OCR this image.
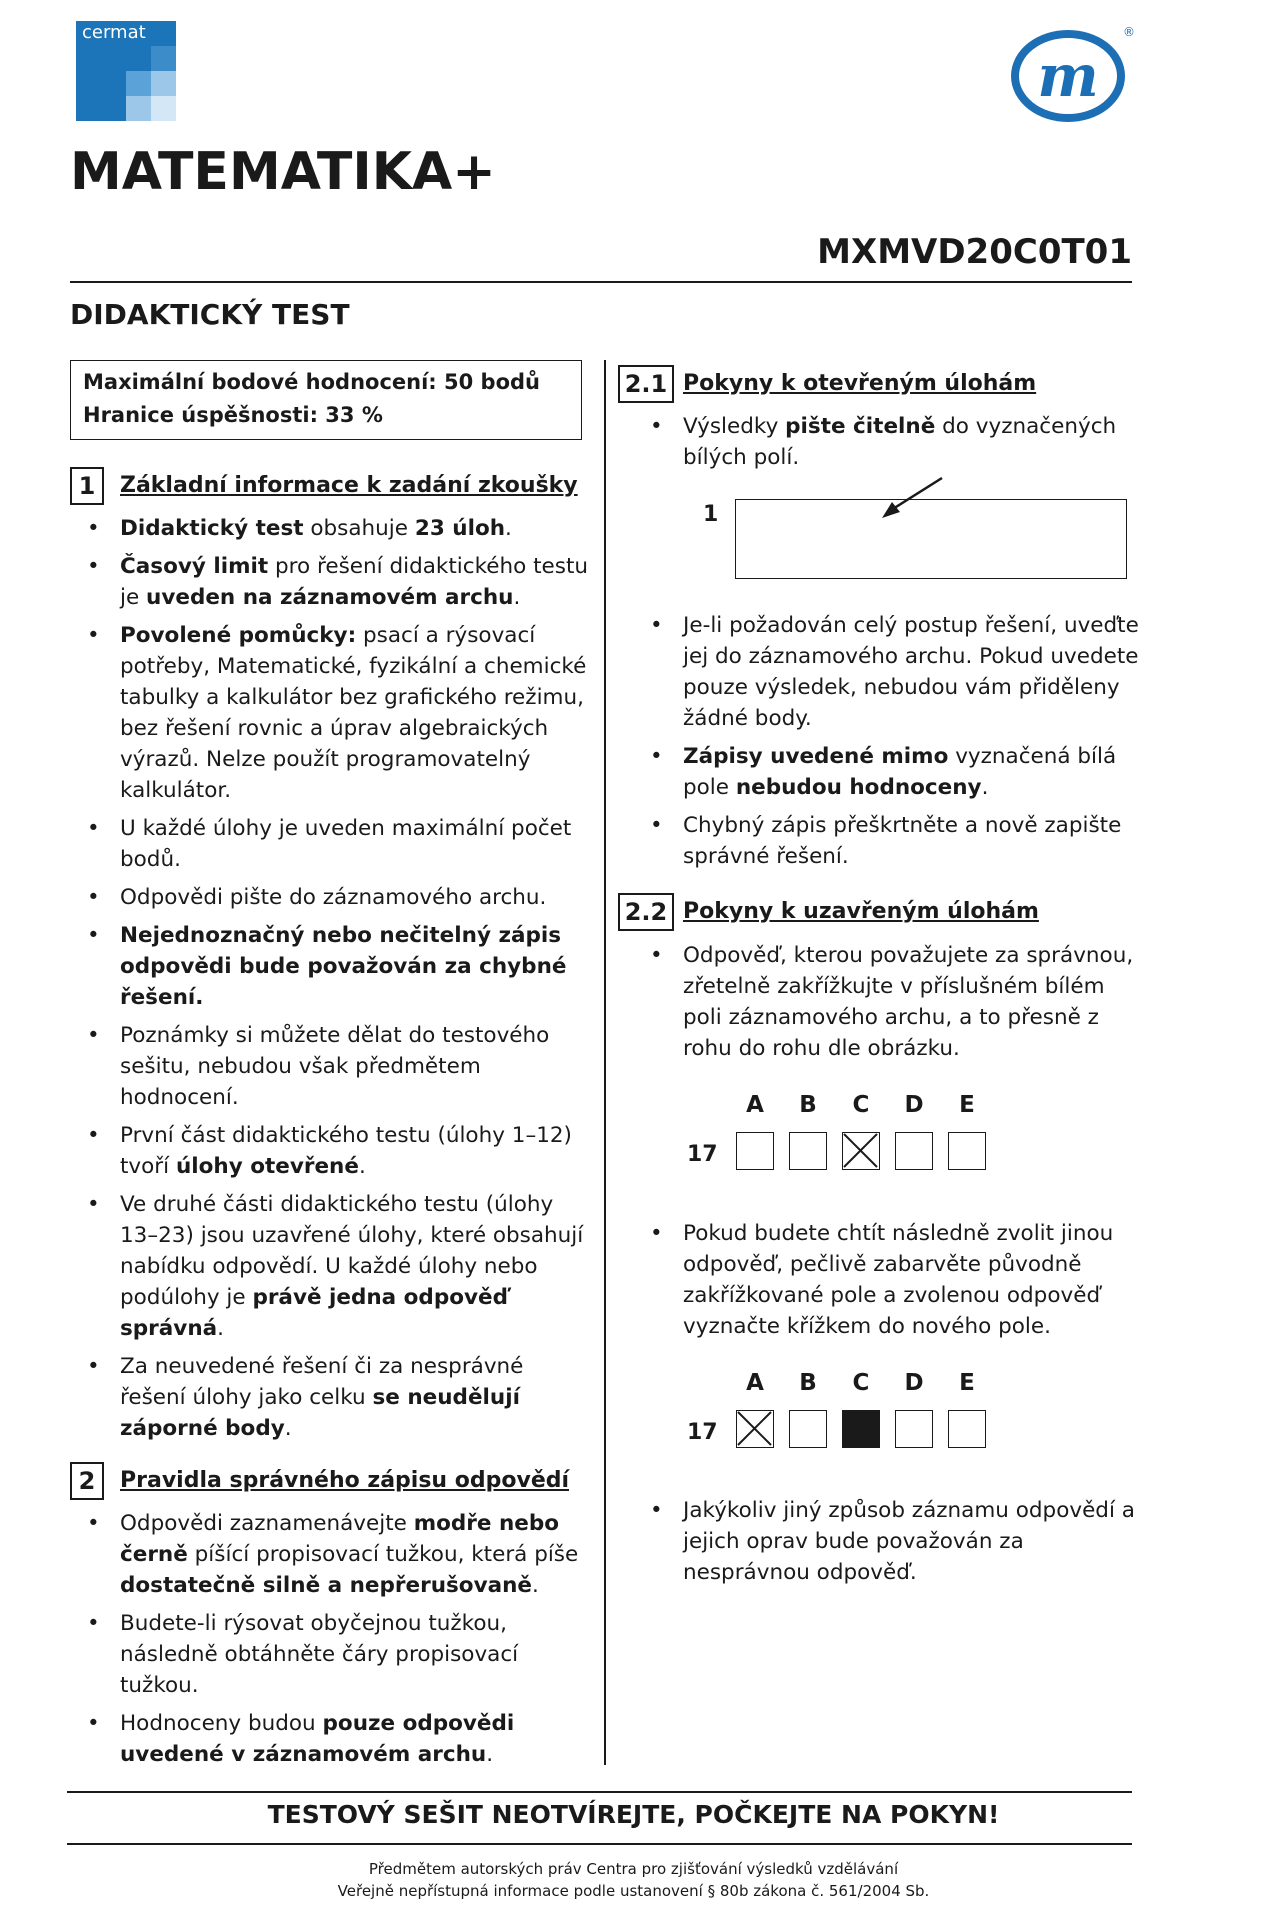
cermat
m
®
MATEMATIKA+
MXMVD20C0T01
DIDAKTICKÝ TEST
Maximální bodové hodnocení: 50 bodů
Hranice úspěšnosti: 33 %
1	Základní informace k zadání zkoušky
• Didaktický test obsahuje 23 úloh.
• Časový limit pro řešení didaktického testu je uveden na záznamovém archu.
• Povolené pomůcky: psací a rýsovací potřeby, Matematické, fyzikální a chemické tabulky a kalkulátor bez grafického režimu, bez řešení rovnic a úprav algebraických výrazů. Nelze použít programovatelný kalkulátor.
• U každé úlohy je uveden maximální počet bodů.
• Odpovědi pište do záznamového archu.
• Nejednoznačný nebo nečitelný zápis odpovědi bude považován za chybné řešení.
• Poznámky si můžete dělat do testového sešitu, nebudou však předmětem hodnocení.
• První část didaktického testu (úlohy 1–12) tvoří úlohy otevřené.
• Ve druhé části didaktického testu (úlohy 13–23) jsou uzavřené úlohy, které obsahují nabídku odpovědí. U každé úlohy nebo podúlohy je právě jedna odpověď správná.
• Za neuvedené řešení či za nesprávné řešení úlohy jako celku se neudělují záporné body.
2	Pravidla správného zápisu odpovědí
• Odpovědi zaznamenávejte modře nebo černě píšící propisovací tužkou, která píše dostatečně silně a nepřerušovaně.
• Budete-li rýsovat obyčejnou tužkou, následně obtáhněte čáry propisovací tužkou.
• Hodnoceny budou pouze odpovědi uvedené v záznamovém archu.
2.1 Pokyny k otevřeným úlohám
• Výsledky pište čitelně do vyznačených bílých polí.
1
• Je-li požadován celý postup řešení, uveďte jej do záznamového archu. Pokud uvedete pouze výsledek, nebudou vám přiděleny žádné body.
• Zápisy uvedené mimo vyznačená bílá pole nebudou hodnoceny.
• Chybný zápis přeškrtněte a nově zapište správné řešení.
2.2 Pokyny k uzavřeným úlohám
• Odpověď, kterou považujete za správnou, zřetelně zakřížkujte v příslušném bílém poli záznamového archu, a to přesně z rohu do rohu dle obrázku.
17
A	B	C	D	E
• Pokud budete chtít následně zvolit jinou odpověď, pečlivě zabarvěte původně zakřížkované pole a zvolenou odpověď vyznačte křížkem do nového pole.
17
A	B	C	D	E
• Jakýkoliv jiný způsob záznamu odpovědí a jejich oprav bude považován za nesprávnou odpověď.
TESTOVÝ SEŠIT NEOTVÍREJTE, POČKEJTE NA POKYN!
Předmětem autorských práv Centra pro zjišťování výsledků vzdělávání
Veřejně nepřístupná informace podle ustanovení § 80b zákona č. 561/2004 Sb.
